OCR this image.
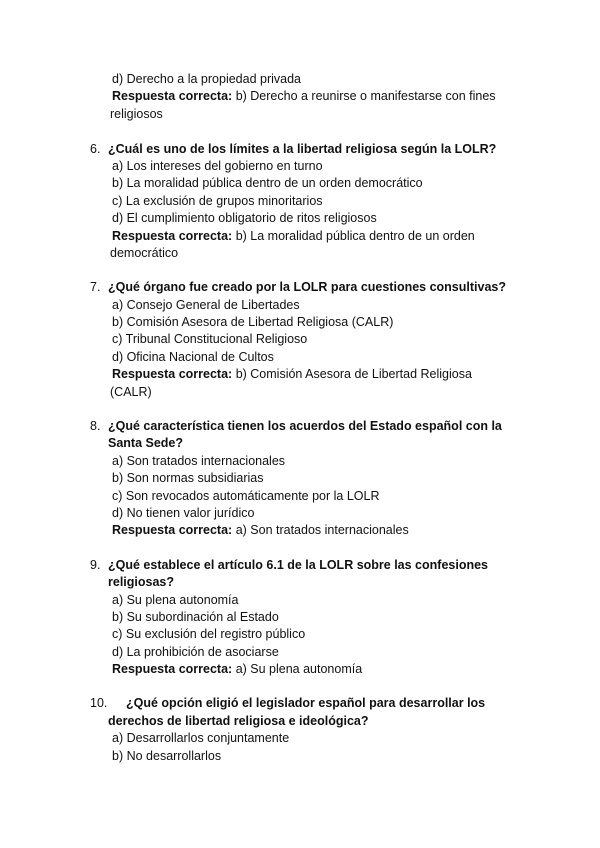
d) Derecho a la propiedad privada
Respuesta correcta: b) Derecho a reunirse o manifestarse con fines
religiosos
6. ¿Cuál es uno de los límites a la libertad religiosa según la LOLR?
a) Los intereses del gobierno en turno
b) La moralidad pública dentro de un orden democrático
c) La exclusión de grupos minoritarios
d) El cumplimiento obligatorio de ritos religiosos
Respuesta correcta: b) La moralidad pública dentro de un orden
democrático
7. ¿Qué órgano fue creado por la LOLR para cuestiones consultivas?
a) Consejo General de Libertades
b) Comisión Asesora de Libertad Religiosa (CALR)
c) Tribunal Constitucional Religioso
d) Oficina Nacional de Cultos
Respuesta correcta: b) Comisión Asesora de Libertad Religiosa
(CALR)
8. ¿Qué característica tienen los acuerdos del Estado español con la
Santa Sede?
a) Son tratados internacionales
b) Son normas subsidiarias
c) Son revocados automáticamente por la LOLR
d) No tienen valor jurídico
Respuesta correcta: a) Son tratados internacionales
9. ¿Qué establece el artículo 6.1 de la LOLR sobre las confesiones
religiosas?
a) Su plena autonomía
b) Su subordinación al Estado
c) Su exclusión del registro público
d) La prohibición de asociarse
Respuesta correcta: a) Su plena autonomía
10. ¿Qué opción eligió el legislador español para desarrollar los
derechos de libertad religiosa e ideológica?
a) Desarrollarlos conjuntamente
b) No desarrollarlos
